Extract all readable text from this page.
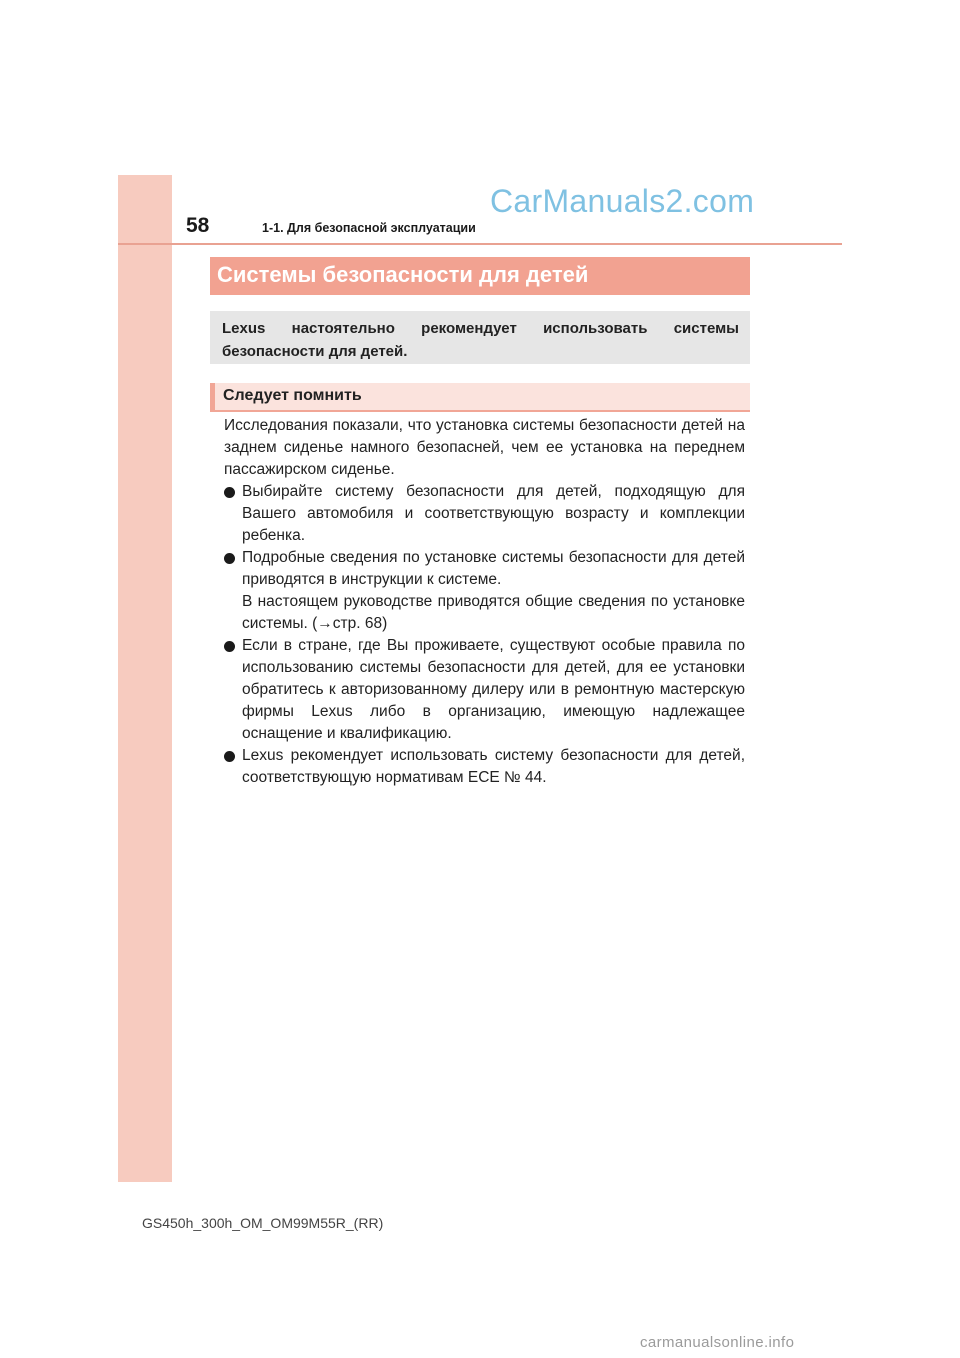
58	1-1. Для безопасной эксплуатации
CarManuals2.com
Системы безопасности для детей
Lexus настоятельно рекомендует использовать системы безопасности для детей.
Следует помнить

Исследования показали, что установка системы безопасности детей на заднем сиденье намного безопасней, чем ее установка на переднем пассажирском сиденье.

Выбирайте систему безопасности для детей, подходящую для Вашего автомобиля и соответствующую возрасту и комплекции ребенка.

Подробные сведения по установке системы безопасности для детей приводятся в инструкции к системе.

В настоящем руководстве приводятся общие сведения по установке системы. (→стр. 68)

Если в стране, где Вы проживаете, существуют особые правила по использованию системы безопасности для детей, для ее установки обратитесь к авторизованному дилеру или в ремонтную мастерскую фирмы Lexus либо в организацию, имеющую надлежащее оснащение и квалификацию.

Lexus рекомендует использовать систему безопасности для детей, соответствующую нормативам ECE № 44.

GS450h_300h_OM_OM99M55R_(RR)
carmanualsonline.info
